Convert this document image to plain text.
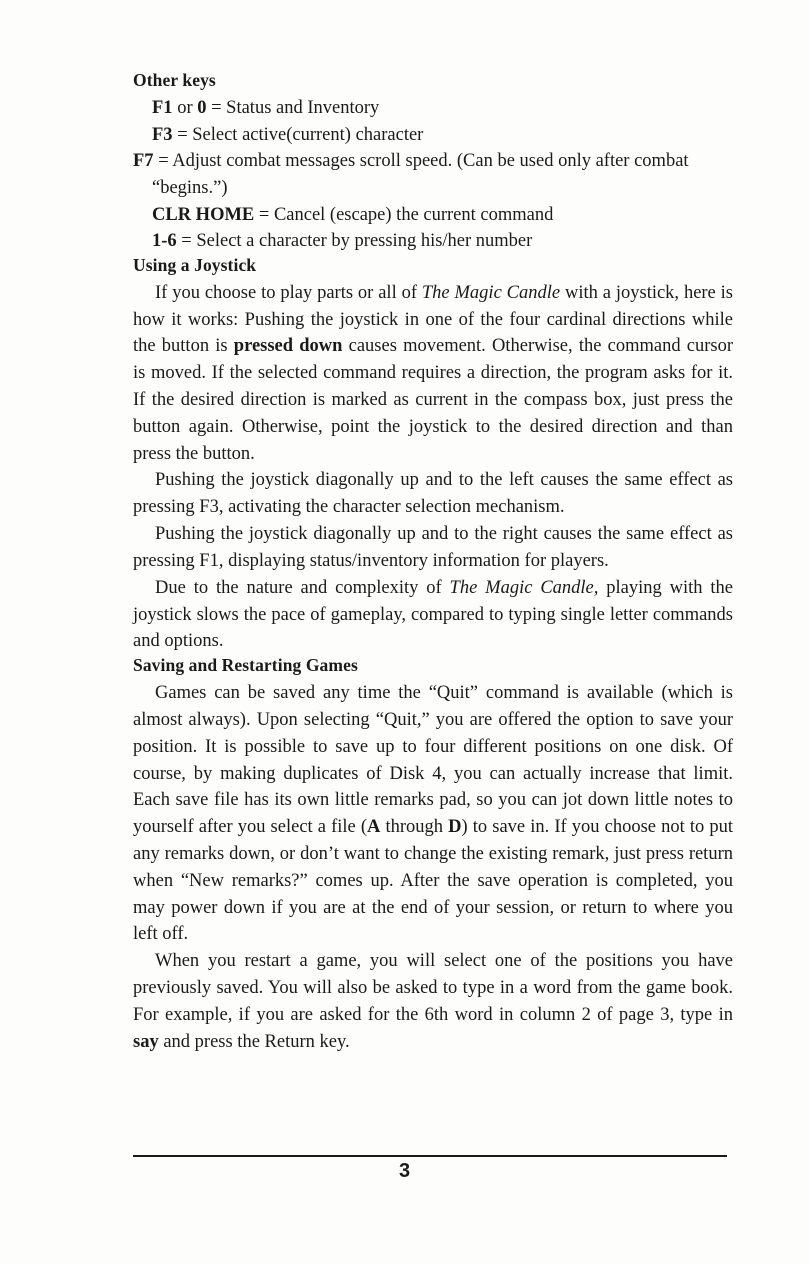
Other keys
F1 or 0 = Status and Inventory
F3 = Select active(current) character
F7 = Adjust combat messages scroll speed. (Can be used only after combat “begins.”)
CLR HOME = Cancel (escape) the current command
1-6 = Select a character by pressing his/her number
Using a Joystick

If you choose to play parts or all of The Magic Candle with a joystick, here is how it works: Pushing the joystick in one of the four cardinal directions while the button is pressed down causes movement. Otherwise, the command cursor is moved. If the selected command requires a direction, the program asks for it. If the desired direction is marked as current in the compass box, just press the button again. Otherwise, point the joystick to the desired direction and than press the button.

Pushing the joystick diagonally up and to the left causes the same effect as pressing F3, activating the character selection mechanism.

Pushing the joystick diagonally up and to the right causes the same effect as pressing F1, displaying status/inventory information for players.

Due to the nature and complexity of The Magic Candle, playing with the joystick slows the pace of gameplay, compared to typing single letter commands and options.

Saving and Restarting Games

Games can be saved any time the “Quit” command is available (which is almost always). Upon selecting “Quit,” you are offered the option to save your position. It is possible to save up to four different positions on one disk. Of course, by making duplicates of Disk 4, you can actually increase that limit. Each save file has its own little remarks pad, so you can jot down little notes to yourself after you select a file (A through D) to save in. If you choose not to put any remarks down, or don’t want to change the existing remark, just press return when “New remarks?” comes up. After the save operation is completed, you may power down if you are at the end of your session, or return to where you left off.

When you restart a game, you will select one of the positions you have previously saved. You will also be asked to type in a word from the game book. For example, if you are asked for the 6th word in column 2 of page 3, type in say and press the Return key.

3
